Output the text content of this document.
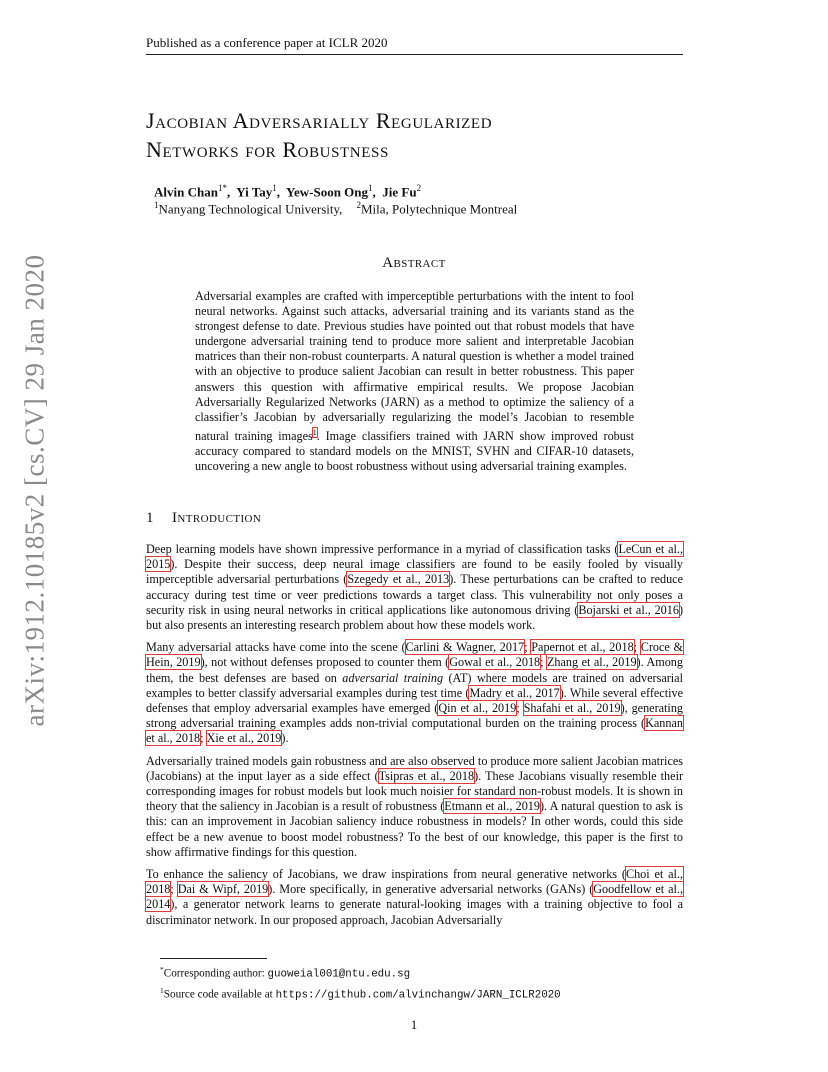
Published as a conference paper at ICLR 2020
arXiv:1912.10185v2 [cs.CV] 29 Jan 2020
Jacobian Adversarially Regularized
Networks for Robustness
Alvin Chan$^{1*}$,  Yi Tay$^1$,  Yew-Soon Ong$^1$,  Jie Fu$^2$
$^1$Nanyang Technological University, $^2$Mila, Polytechnique Montreal
Abstract
Adversarial examples are crafted with imperceptible perturbations with the intent to fool neural networks. Against such attacks, adversarial training and its variants stand as the strongest defense to date. Previous studies have pointed out that robust models that have undergone adversarial training tend to produce more salient and interpretable Jacobian matrices than their non-robust counterparts. A natural question is whether a model trained with an objective to produce salient Jacobian can result in better robustness. This paper answers this question with affirmative empirical results. We propose Jacobian Adversarially Regularized Networks (JARN) as a method to optimize the saliency of a classifier’s Jacobian by adversarially regularizing the model’s Jacobian to resemble natural training images$^1$. Image classifiers trained with JARN show improved robust accuracy compared to standard models on the MNIST, SVHN and CIFAR-10 datasets, uncovering a new angle to boost robustness without using adversarial training examples.
1 Introduction

Deep learning models have shown impressive performance in a myriad of classification tasks (LeCun et al., 2015). Despite their success, deep neural image classifiers are found to be easily fooled by visually imperceptible adversarial perturbations (Szegedy et al., 2013). These perturbations can be crafted to reduce accuracy during test time or veer predictions towards a target class. This vulnerability not only poses a security risk in using neural networks in critical applications like autonomous driving (Bojarski et al., 2016) but also presents an interesting research problem about how these models work.

Many adversarial attacks have come into the scene (Carlini & Wagner, 2017; Papernot et al., 2018; Croce & Hein, 2019), not without defenses proposed to counter them (Gowal et al., 2018; Zhang et al., 2019). Among them, the best defenses are based on adversarial training (AT) where models are trained on adversarial examples to better classify adversarial examples during test time (Madry et al., 2017). While several effective defenses that employ adversarial examples have emerged (Qin et al., 2019; Shafahi et al., 2019), generating strong adversarial training examples adds non-trivial computational burden on the training process (Kannan et al., 2018; Xie et al., 2019).

Adversarially trained models gain robustness and are also observed to produce more salient Jacobian matrices (Jacobians) at the input layer as a side effect (Tsipras et al., 2018). These Jacobians visually resemble their corresponding images for robust models but look much noisier for standard non-robust models. It is shown in theory that the saliency in Jacobian is a result of robustness (Etmann et al., 2019). A natural question to ask is this: can an improvement in Jacobian saliency induce robustness in models? In other words, could this side effect be a new avenue to boost model robustness? To the best of our knowledge, this paper is the first to show affirmative findings for this question.

To enhance the saliency of Jacobians, we draw inspirations from neural generative networks (Choi et al., 2018; Dai & Wipf, 2019). More specifically, in generative adversarial networks (GANs) (Goodfellow et al., 2014), a generator network learns to generate natural-looking images with a training objective to fool a discriminator network. In our proposed approach, Jacobian Adversarially

*Corresponding author: guoweial001@ntu.edu.sg
$^1$Source code available at https://github.com/alvinchangw/JARN_ICLR2020
1
